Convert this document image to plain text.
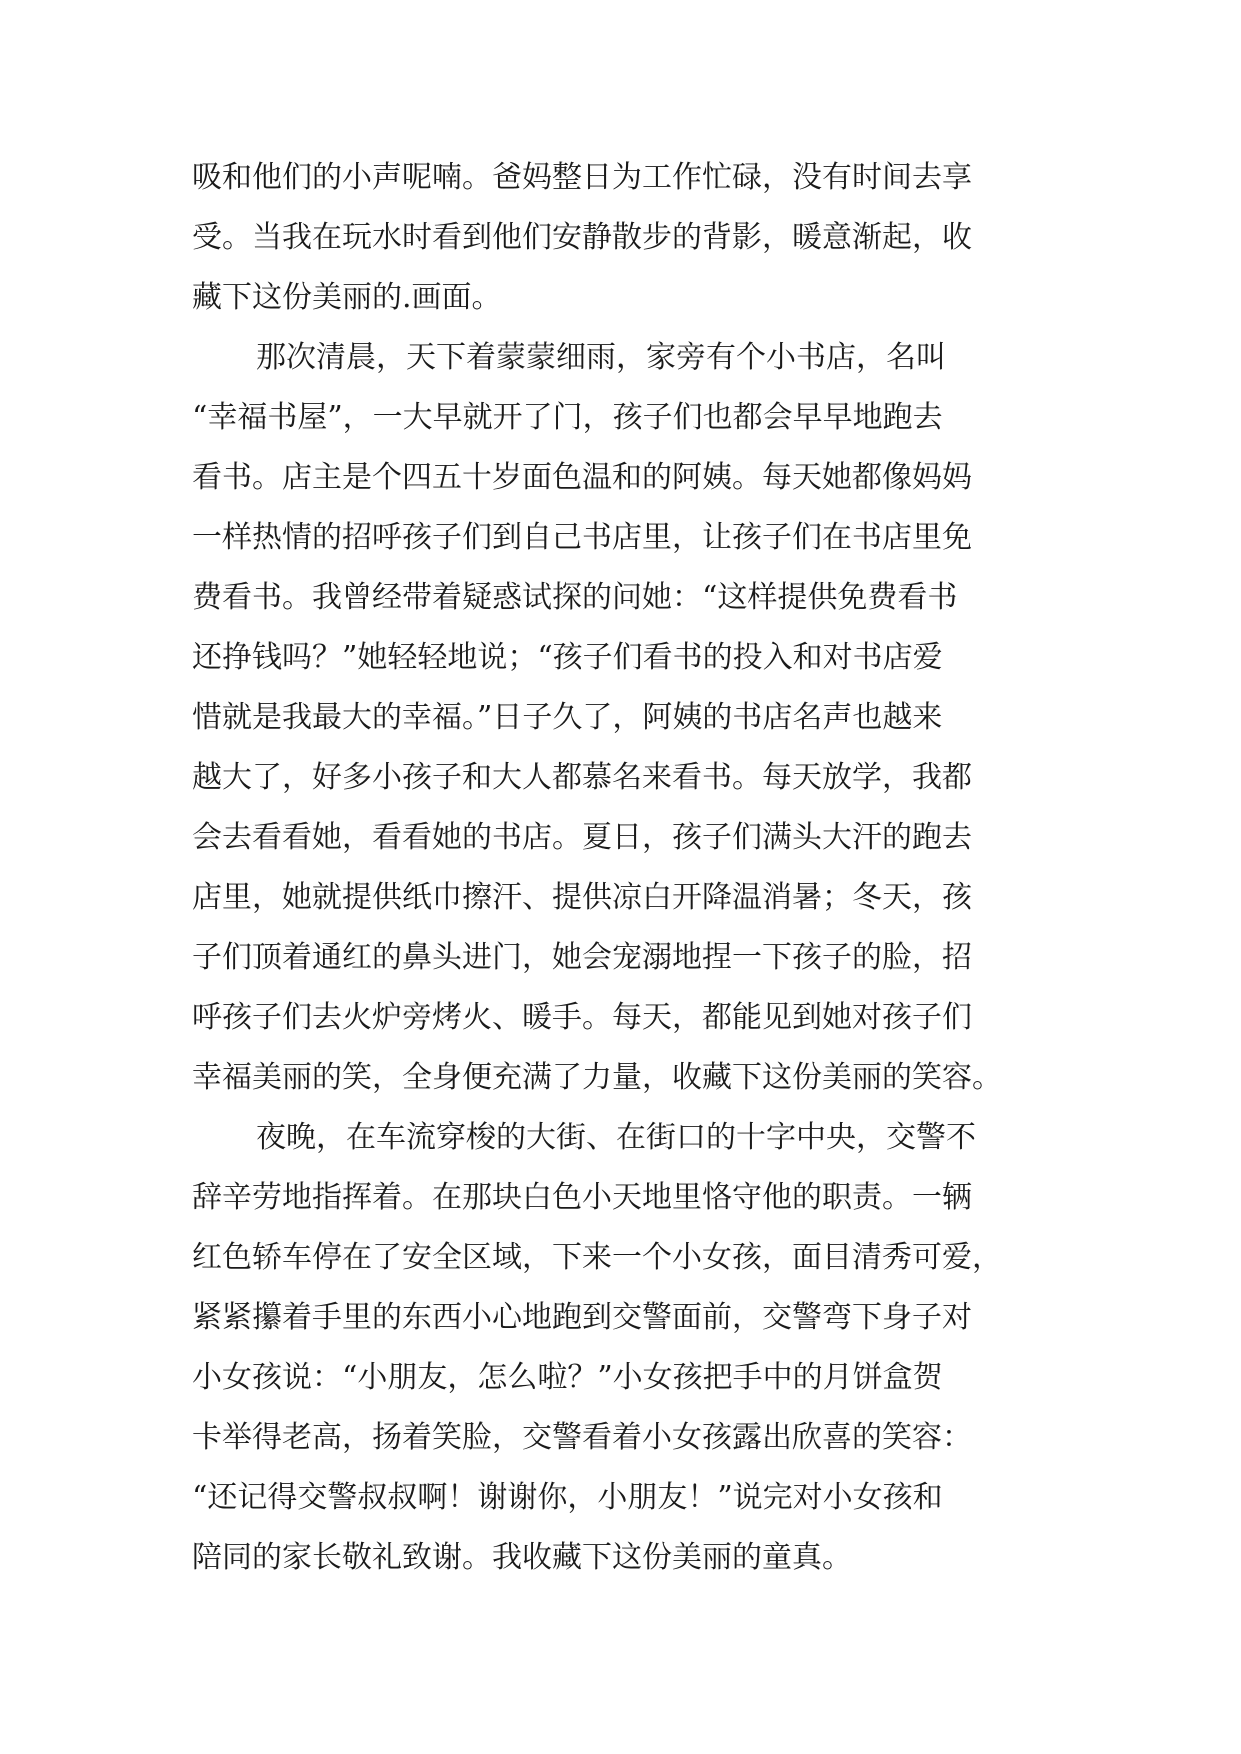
吸和他们的小声呢喃。爸妈整日为工作忙碌，没有时间去享
受。当我在玩水时看到他们安静散步的背影，暖意渐起，收
藏下这份美丽的.画面。
那次清晨，天下着蒙蒙细雨，家旁有个小书店，名叫
“幸福书屋”，一大早就开了门，孩子们也都会早早地跑去
看书。店主是个四五十岁面色温和的阿姨。每天她都像妈妈
一样热情的招呼孩子们到自己书店里，让孩子们在书店里免
费看书。我曾经带着疑惑试探的问她：“这样提供免费看书
还挣钱吗？”她轻轻地说；“孩子们看书的投入和对书店爱
惜就是我最大的幸福。”日子久了，阿姨的书店名声也越来
越大了，好多小孩子和大人都慕名来看书。每天放学，我都
会去看看她，看看她的书店。夏日，孩子们满头大汗的跑去
店里，她就提供纸巾擦汗、提供凉白开降温消暑；冬天，孩
子们顶着通红的鼻头进门，她会宠溺地捏一下孩子的脸，招
呼孩子们去火炉旁烤火、暖手。每天，都能见到她对孩子们
幸福美丽的笑，全身便充满了力量，收藏下这份美丽的笑容。
夜晚，在车流穿梭的大街、在街口的十字中央，交警不
辞辛劳地指挥着。在那块白色小天地里恪守他的职责。一辆
红色轿车停在了安全区域，下来一个小女孩，面目清秀可爱，
紧紧攥着手里的东西小心地跑到交警面前，交警弯下身子对
小女孩说：“小朋友，怎么啦？”小女孩把手中的月饼盒贺
卡举得老高，扬着笑脸，交警看着小女孩露出欣喜的笑容：
“还记得交警叔叔啊！谢谢你，小朋友！”说完对小女孩和
陪同的家长敬礼致谢。我收藏下这份美丽的童真。
